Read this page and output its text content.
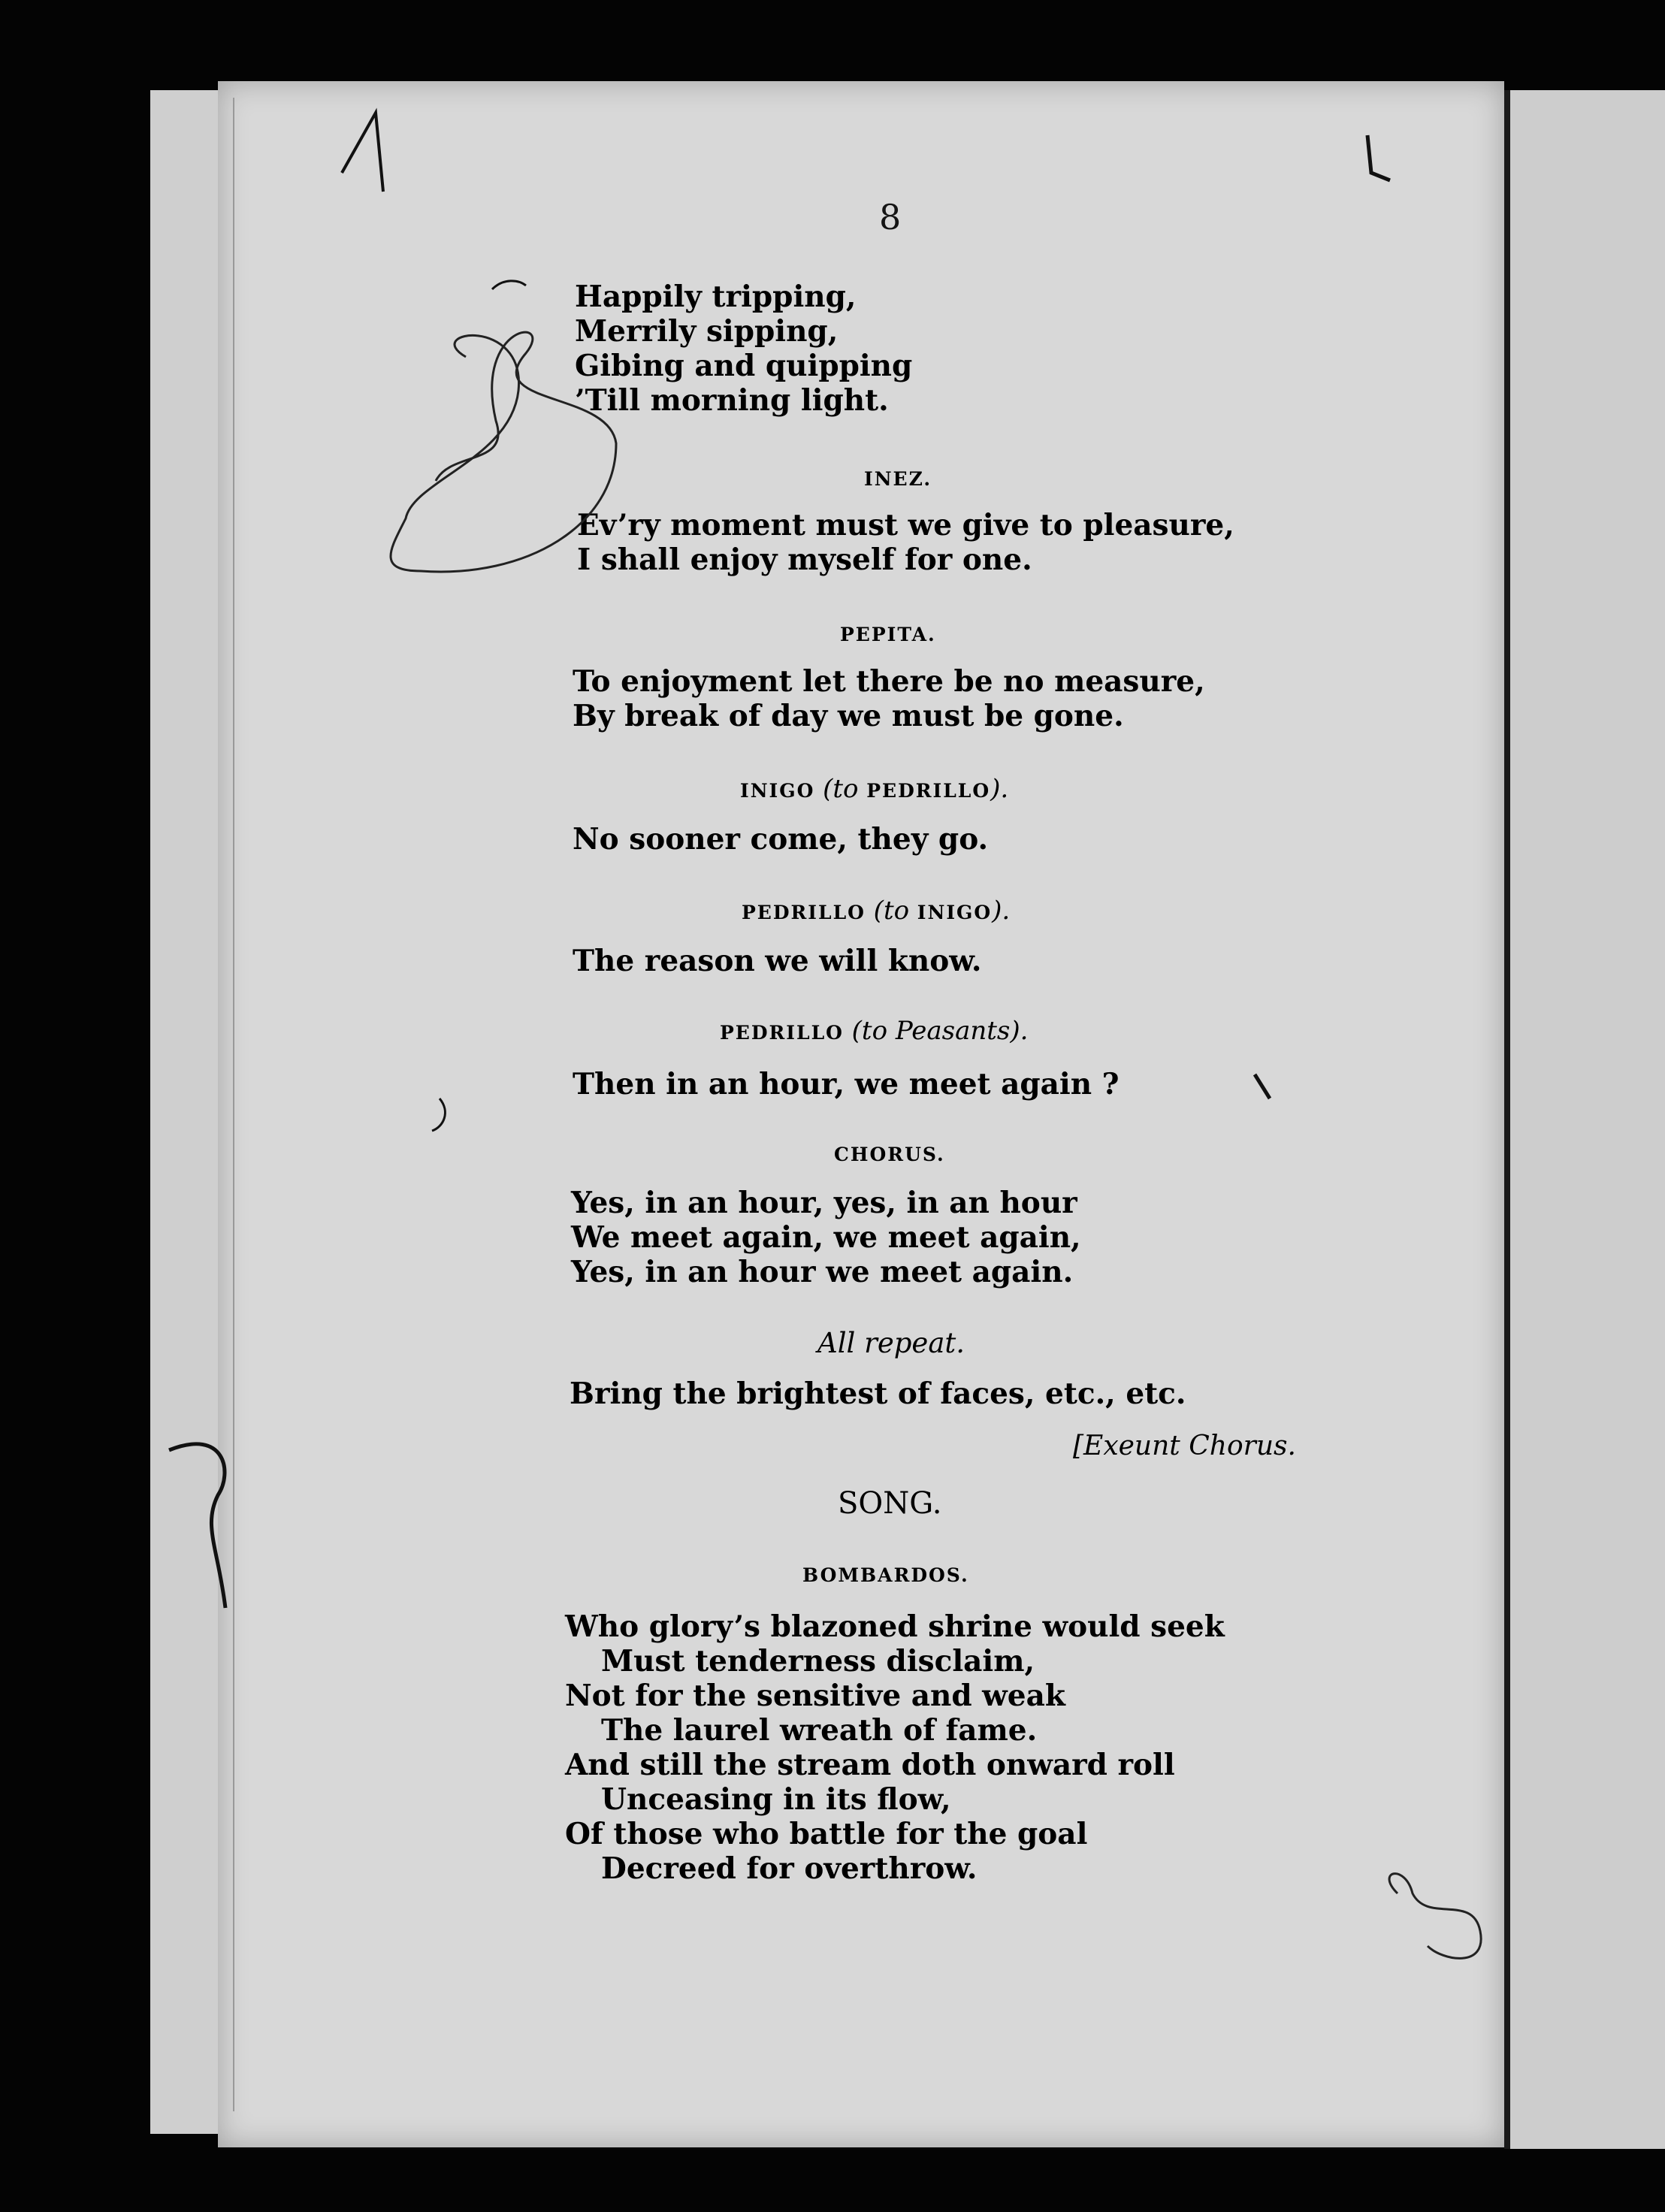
8
Happily tripping,
Merrily sipping,
Gibing and quipping
’Till morning light.
INEZ.
Ev’ry moment must we give to pleasure,
I shall enjoy myself for one.
PEPITA.
To enjoyment let there be no measure,
By break of day we must be gone.
INIGO (to PEDRILLO).
No sooner come, they go.
PEDRILLO (to INIGO).
The reason we will know.
PEDRILLO (to Peasants).
Then in an hour, we meet again ?
CHORUS.
Yes, in an hour, yes, in an hour
We meet again, we meet again,
Yes, in an hour we meet again.
All repeat.
Bring the brightest of faces, etc., etc.
[Exeunt Chorus.
SONG.
BOMBARDOS.
Who glory’s blazoned shrine would seek
Must tenderness disclaim,
Not for the sensitive and weak
The laurel wreath of fame.
And still the stream doth onward roll
Unceasing in its flow,
Of those who battle for the goal
Decreed for overthrow.
